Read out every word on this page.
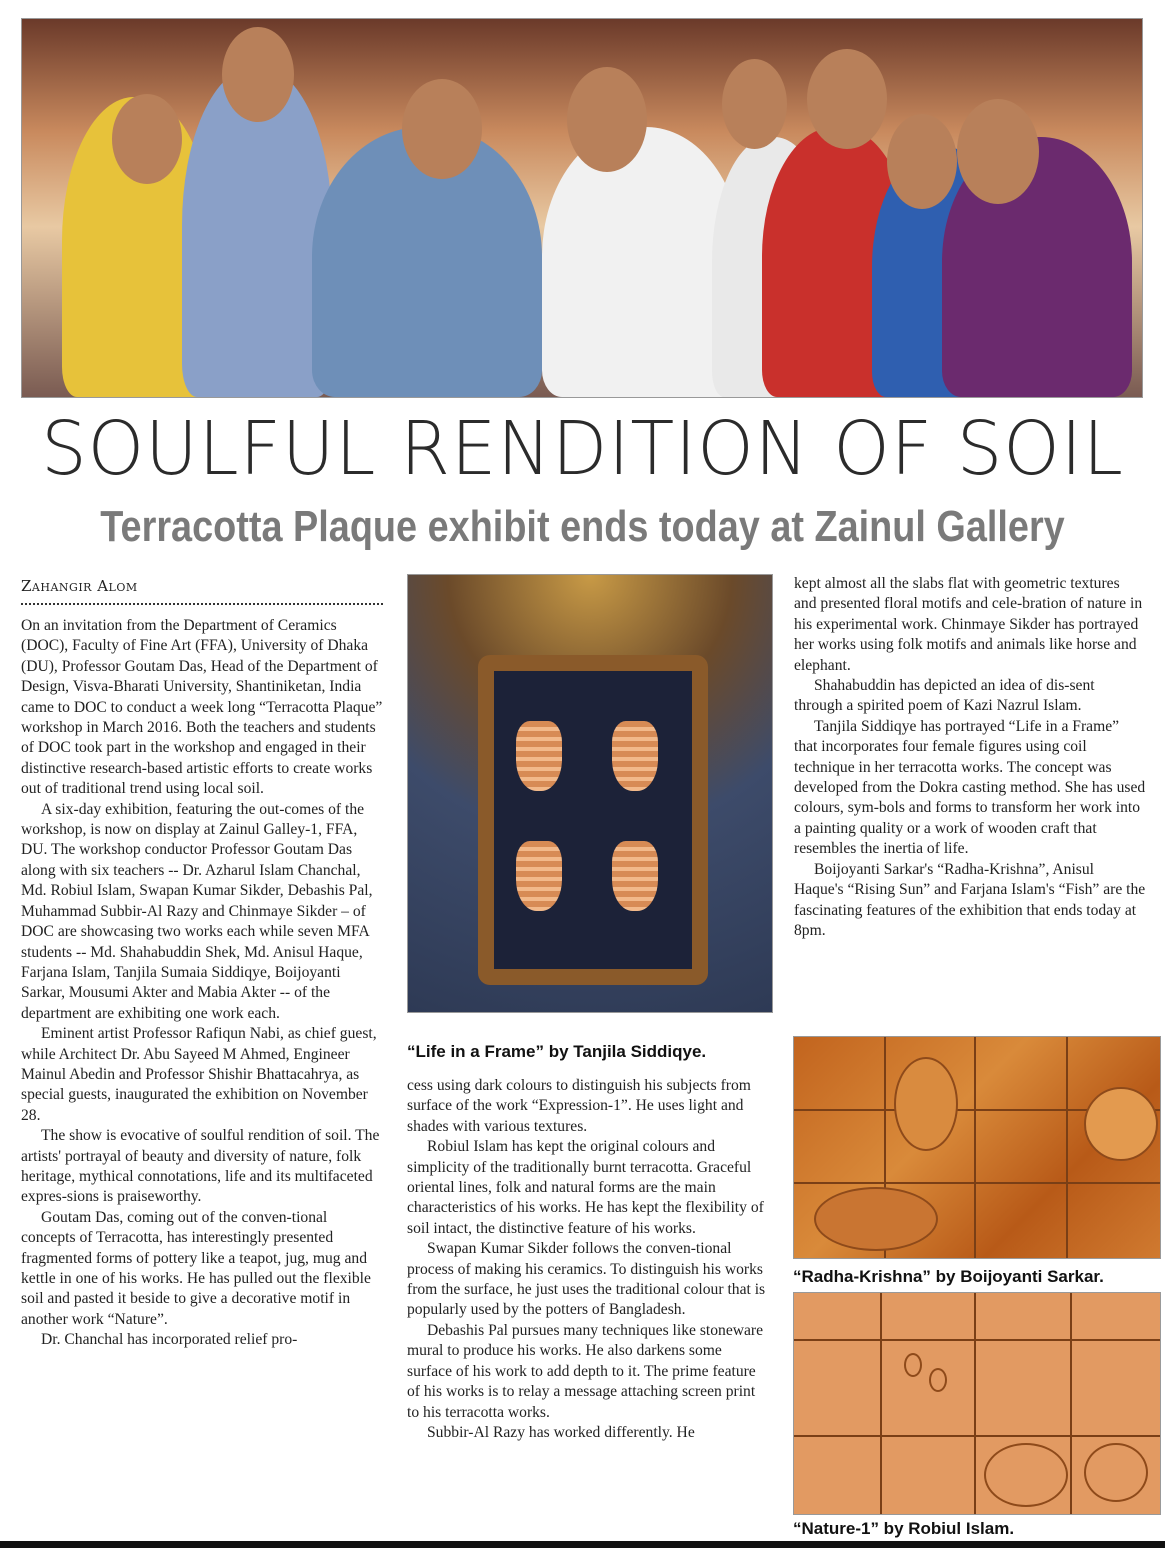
SOULFUL RENDITION OF SOIL
Terracotta Plaque exhibit ends today at Zainul Gallery
Zahangir Alom

On an invitation from the Department of Ceramics (DOC), Faculty of Fine Art (FFA), University of Dhaka (DU), Professor Goutam Das, Head of the Department of Design, Visva-Bharati University, Shantiniketan, India came to DOC to conduct a week long “Terracotta Plaque” workshop in March 2016. Both the teachers and students of DOC took part in the workshop and engaged in their distinctive research-based artistic efforts to create works out of traditional trend using local soil.

A six-day exhibition, featuring the out-comes of the workshop, is now on display at Zainul Galley-1, FFA, DU. The workshop conductor Professor Goutam Das along with six teachers -- Dr. Azharul Islam Chanchal, Md. Robiul Islam, Swapan Kumar Sikder, Debashis Pal, Muhammad Subbir-Al Razy and Chinmaye Sikder – of DOC are showcasing two works each while seven MFA students -- Md. Shahabuddin Shek, Md. Anisul Haque, Farjana Islam, Tanjila Sumaia Siddiqye, Boijoyanti Sarkar, Mousumi Akter and Mabia Akter -- of the department are exhibiting one work each.

Eminent artist Professor Rafiqun Nabi, as chief guest, while Architect Dr. Abu Sayeed M Ahmed, Engineer Mainul Abedin and Professor Shishir Bhattacahrya, as special guests, inaugurated the exhibition on November 28.

The show is evocative of soulful rendition of soil. The artists' portrayal of beauty and diversity of nature, folk heritage, mythical connotations, life and its multifaceted expres-sions is praiseworthy.

Goutam Das, coming out of the conven-tional concepts of Terracotta, has interestingly presented fragmented forms of pottery like a teapot, jug, mug and kettle in one of his works. He has pulled out the flexible soil and pasted it beside to give a decorative motif in another work “Nature”.

Dr. Chanchal has incorporated relief pro-

“Life in a Frame” by Tanjila Siddiqye.

cess using dark colours to distinguish his subjects from surface of the work “Expression-1”. He uses light and shades with various textures.

Robiul Islam has kept the original colours and simplicity of the traditionally burnt terracotta. Graceful oriental lines, folk and natural forms are the main characteristics of his works. He has kept the flexibility of soil intact, the distinctive feature of his works.

Swapan Kumar Sikder follows the conven-tional process of making his ceramics. To distinguish his works from the surface, he just uses the traditional colour that is popularly used by the potters of Bangladesh.

Debashis Pal pursues many techniques like stoneware mural to produce his works. He also darkens some surface of his work to add depth to it. The prime feature of his works is to relay a message attaching screen print to his terracotta works.

Subbir-Al Razy has worked differently. He

kept almost all the slabs flat with geometric textures and presented floral motifs and cele-bration of nature in his experimental work. Chinmaye Sikder has portrayed her works using folk motifs and animals like horse and elephant.

Shahabuddin has depicted an idea of dis-sent through a spirited poem of Kazi Nazrul Islam.

Tanjila Siddiqye has portrayed “Life in a Frame” that incorporates four female figures using coil technique in her terracotta works. The concept was developed from the Dokra casting method. She has used colours, sym-bols and forms to transform her work into a painting quality or a work of wooden craft that resembles the inertia of life.

Boijoyanti Sarkar's “Radha-Krishna”, Anisul Haque's “Rising Sun” and Farjana Islam's “Fish” are the fascinating features of the exhibition that ends today at 8pm.

“Radha-Krishna” by Boijoyanti Sarkar.
“Nature-1” by Robiul Islam.
